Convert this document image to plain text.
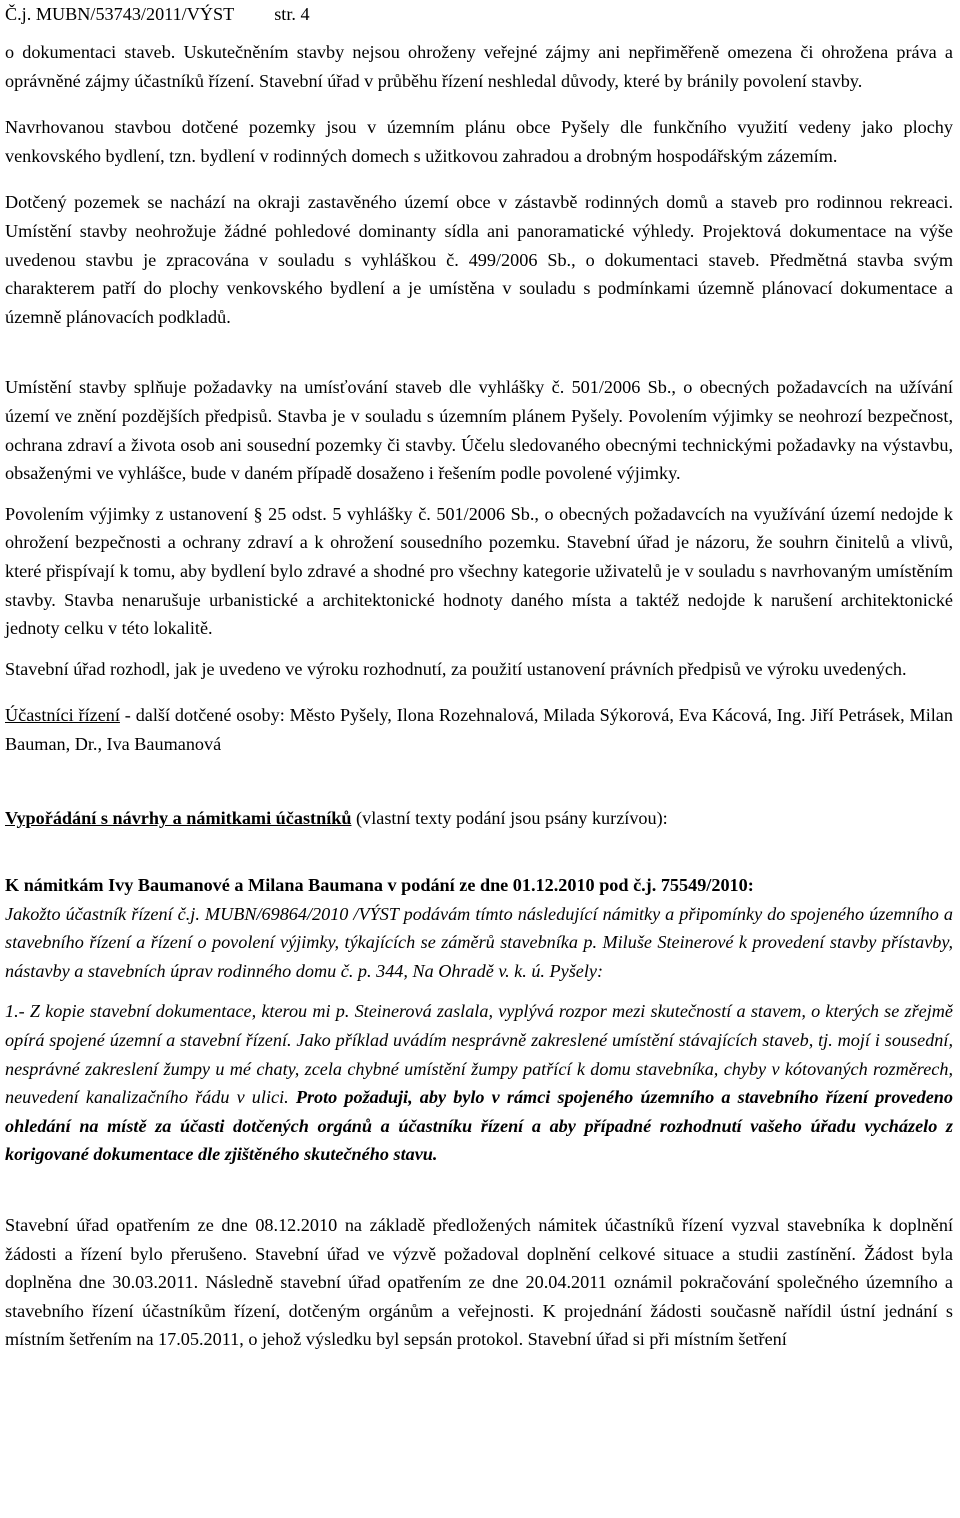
Č.j. MUBN/53743/2011/VÝST str. 4

o dokumentaci staveb. Uskutečněním stavby nejsou ohroženy veřejné zájmy ani nepřiměřeně omezena či ohrožena práva a oprávněné zájmy účastníků řízení. Stavební úřad v průběhu řízení neshledal důvody, které by bránily povolení stavby.

Navrhovanou stavbou dotčené pozemky jsou v územním plánu obce Pyšely dle funkčního využití vedeny jako plochy venkovského bydlení, tzn. bydlení v rodinných domech s užitkovou zahradou a drobným hospodářským zázemím.

Dotčený pozemek se nachází na okraji zastavěného území obce v zástavbě rodinných domů a staveb pro rodinnou rekreaci. Umístění stavby neohrožuje žádné pohledové dominanty sídla ani panoramatické výhledy. Projektová dokumentace na výše uvedenou stavbu je zpracována v souladu s vyhláškou č. 499/2006 Sb., o dokumentaci staveb. Předmětná stavba svým charakterem patří do plochy venkovského bydlení a je umístěna v souladu s podmínkami územně plánovací dokumentace a územně plánovacích podkladů.

Umístění stavby splňuje požadavky na umísťování staveb dle vyhlášky č. 501/2006 Sb., o obecných požadavcích na užívání území ve znění pozdějších předpisů. Stavba je v souladu s územním plánem Pyšely. Povolením výjimky se neohrozí bezpečnost, ochrana zdraví a života osob ani sousední pozemky či stavby. Účelu sledovaného obecnými technickými požadavky na výstavbu, obsaženými ve vyhlášce, bude v daném případě dosaženo i řešením podle povolené výjimky.

Povolením výjimky z ustanovení § 25 odst. 5 vyhlášky č. 501/2006 Sb., o obecných požadavcích na využívání území nedojde k ohrožení bezpečnosti a ochrany zdraví a k ohrožení sousedního pozemku. Stavební úřad je názoru, že souhrn činitelů a vlivů, které přispívají k tomu, aby bydlení bylo zdravé a shodné pro všechny kategorie uživatelů je v souladu s navrhovaným umístěním stavby. Stavba nenarušuje urbanistické a architektonické hodnoty daného místa a taktéž nedojde k narušení architektonické jednoty celku v této lokalitě.

Stavební úřad rozhodl, jak je uvedeno ve výroku rozhodnutí, za použití ustanovení právních předpisů ve výroku uvedených.

Účastníci řízení - další dotčené osoby: Město Pyšely, Ilona Rozehnalová, Milada Sýkorová, Eva Kácová, Ing. Jiří Petrásek, Milan Bauman, Dr., Iva Baumanová

Vypořádání s návrhy a námitkami účastníků (vlastní texty podání jsou psány kurzívou):

K námitkám Ivy Baumanové a Milana Baumana v podání ze dne 01.12.2010 pod č.j. 75549/2010:
Jakožto účastník řízení č.j. MUBN/69864/2010 /VÝST podávám tímto následující námitky a připomínky do spojeného územního a stavebního řízení a řízení o povolení výjimky, týkajících se záměrů stavebníka p. Miluše Steinerové k provedení stavby přístavby, nástavby a stavebních úprav rodinného domu č. p. 344, Na Ohradě v. k. ú. Pyšely:

1.- Z kopie stavební dokumentace, kterou mi p. Steinerová zaslala, vyplývá rozpor mezi skutečností a stavem, o kterých se zřejmě opírá spojené územní a stavební řízení. Jako příklad uvádím nesprávně zakreslené umístění stávajících staveb, tj. mojí i sousední, nesprávné zakreslení žumpy u mé chaty, zcela chybné umístění žumpy patřící k domu stavebníka, chyby v kótovaných rozměrech, neuvedení kanalizačního řádu v ulici. Proto požaduji, aby bylo v rámci spojeného územního a stavebního řízení provedeno ohledání na místě za účasti dotčených orgánů a účastníku řízení a aby případné rozhodnutí vašeho úřadu vycházelo z korigované dokumentace dle zjištěného skutečného stavu.

Stavební úřad opatřením ze dne 08.12.2010 na základě předložených námitek účastníků řízení vyzval stavebníka k doplnění žádosti a řízení bylo přerušeno. Stavební úřad ve výzvě požadoval doplnění celkové situace a studii zastínění. Žádost byla doplněna dne 30.03.2011. Následně stavební úřad opatřením ze dne 20.04.2011 oznámil pokračování společného územního a stavebního řízení účastníkům řízení, dotčeným orgánům a veřejnosti. K projednání žádosti současně nařídil ústní jednání s místním šetřením na 17.05.2011, o jehož výsledku byl sepsán protokol. Stavební úřad si při místním šetření
